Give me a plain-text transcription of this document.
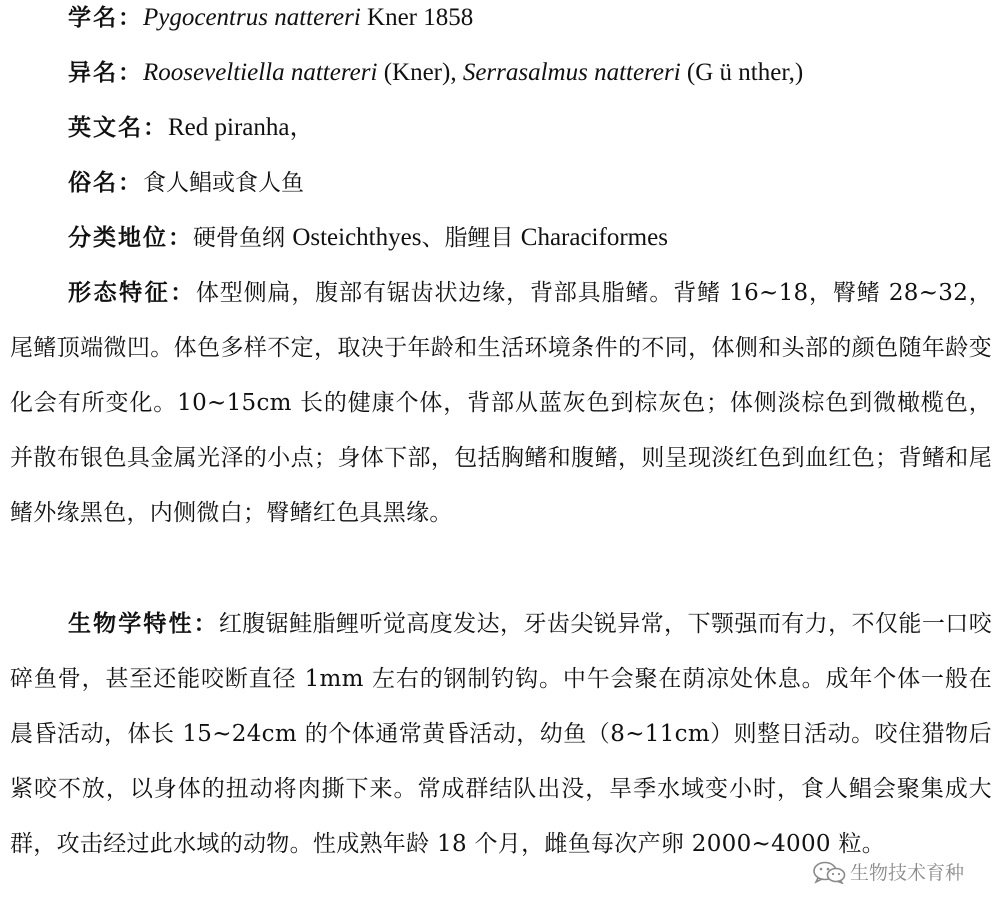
学名：Pygocentrus nattereri Kner 1858
异名：Rooseveltiella nattereri (Kner), Serrasalmus nattereri (G ü nther,)
英文名：Red piranha，
俗名：食人鲳或食人鱼
分类地位：硬骨鱼纲 Osteichthyes、脂鲤目 Characiformes
形态特征：体型侧扁，腹部有锯齿状边缘，背部具脂鳍。背鳍 16~18，臀鳍 28~32，尾鳍顶端微凹。体色多样不定，取决于年龄和生活环境条件的不同，体侧和头部的颜色随年龄变化会有所变化。10~15cm 长的健康个体，背部从蓝灰色到棕灰色；体侧淡棕色到微橄榄色，并散布银色具金属光泽的小点；身体下部，包括胸鳍和腹鳍，则呈现淡红色到血红色；背鳍和尾鳍外缘黑色，内侧微白；臀鳍红色具黑缘。
生物学特性：红腹锯鲑脂鲤听觉高度发达，牙齿尖锐异常，下颚强而有力，不仅能一口咬碎鱼骨，甚至还能咬断直径 1mm 左右的钢制钓钩。中午会聚在荫凉处休息。成年个体一般在晨昏活动，体长 15~24cm 的个体通常黄昏活动，幼鱼（8~11cm）则整日活动。咬住猎物后紧咬不放，以身体的扭动将肉撕下来。常成群结队出没，旱季水域变小时，食人鲳会聚集成大群，攻击经过此水域的动物。性成熟年龄 18 个月，雌鱼每次产卵 2000~4000 粒。
生物技术育种
